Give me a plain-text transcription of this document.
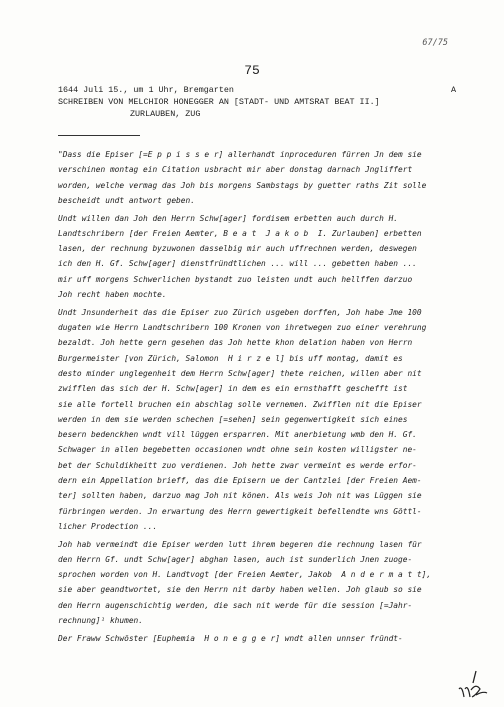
67/75
75
1644 Juli 15., um 1 Uhr, Bremgarten	A
SCHREIBEN VON MELCHIOR HONEGGER AN [STADT- UND AMTSRAT BEAT II.]
ZURLAUBEN, ZUG
"Dass die Episer [=E p p i s s e r] allerhandt inproceduren fürren Jn dem sie
verschinen montag ein Citation usbracht mir aber donstag darnach Jngliffert
worden, welche vermag das Joh bis morgens Sambstags by guetter raths Zit solle
bescheidt undt antwort geben.
Undt willen dan Joh den Herrn Schw[ager] fordisem erbetten auch durch H.
Landtschribern [der Freien Aemter, B e a t  J a k o b  I. Zurlauben] erbetten
lasen, der rechnung byzuwonen dasselbig mir auch uffrechnen werden, deswegen
ich den H. Gf. Schw[ager] dienstfründtlichen ... will ... gebetten haben ...
mir uff morgens Schwerlichen bystandt zuo leisten undt auch hellffen darzuo
Joh recht haben mochte.
Undt Jnsunderheit das die Episer zuo Zürich usgeben dorffen, Joh habe Jme 100
dugaten wie Herrn Landtschribern 100 Kronen von ihretwegen zuo einer verehrung
bezaldt. Joh hette gern gesehen das Joh hette khon delation haben von Herrn
Burgermeister [von Zürich, Salomon  H i r z e l] bis uff montag, damit es
desto minder unglegenheit dem Herrn Schw[ager] thete reichen, willen aber nit
zwifflen das sich der H. Schw[ager] in dem es ein ernsthafft geschefft ist
sie alle fortell bruchen ein abschlag solle vernemen. Zwifflen nit die Episer
werden in dem sie werden schechen [=sehen] sein gegenwertigkeit sich eines
besern bedenckhen wndt vill lüggen ersparren. Mit anerbietung wmb den H. Gf.
Schwager in allen begebetten occasionen wndt ohne sein kosten willigster ne-
bet der Schuldikheitt zuo verdienen. Joh hette zwar vermeint es werde erfor-
dern ein Appellation brieff, das die Episern ue der Cantzlei [der Freien Aem-
ter] sollten haben, darzuo mag Joh nit könen. Als weis Joh nit was Lüggen sie
fürbringen werden. Jn erwartung des Herrn gewertigkeit befellendte wns Göttl-
licher Prodection ...
Joh hab vermeindt die Episer werden lutt ihrem begeren die rechnung lasen für
den Herrn Gf. undt Schw[ager] abghan lasen, auch ist sunderlich Jnen zuoge-
sprochen worden von H. Landtvogt [der Freien Aemter, Jakob  A n d e r m a t t],
sie aber geandtwortet, sie den Herrn nit darby haben wellen. Joh glaub so sie
den Herrn augenschichtig werden, die sach nit werde für die session [=Jahr-
rechnung]¹ khumen.
Der Fraww Schwöster [Euphemia  H o n e g g e r] wndt allen unnser fründt-
